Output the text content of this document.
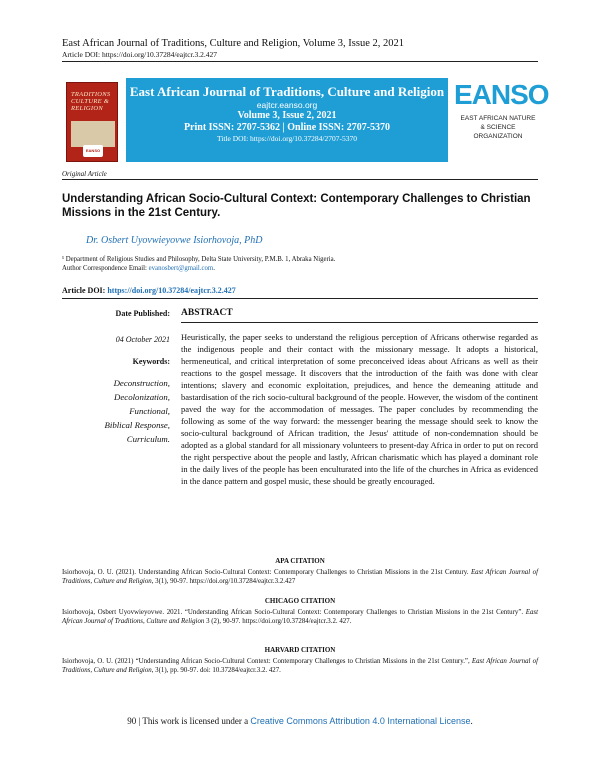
East African Journal of Traditions, Culture and Religion, Volume 3, Issue 2, 2021
Article DOI: https://doi.org/10.37284/eajtcr.3.2.427
TRADITIONS CULTURE & RELIGION
EANSO
East African Journal of Traditions, Culture and Religion
eajtcr.eanso.org
Volume 3, Issue 2, 2021
Print ISSN: 2707-5362 | Online ISSN: 2707-5370
Title DOI: https://doi.org/10.37284/2707-5370
EANSO
EAST AFRICAN NATURE & SCIENCE ORGANIZATION
Original Article
Understanding African Socio-Cultural Context: Contemporary Challenges to Christian Missions in the 21st Century.
Dr. Osbert Uyovwieyovwe Isiorhovoja, PhD
¹ Department of Religious Studies and Philosophy, Delta State University, P.M.B. 1, Abraka Nigeria.
Author Correspondence Email: evanosbert@gmail.com.
Article DOI: https://doi.org/10.37284/eajtcr.3.2.427
Date Published:
04 October 2021
Keywords:
Deconstruction,
Decolonization,
Functional,
Biblical Response,
Curriculum.
ABSTRACT
Heuristically, the paper seeks to understand the religious perception of Africans otherwise regarded as the indigenous people and their contact with the missionary message. It adopts a historical, hermeneutical, and critical interpretation of some preconceived ideas about Africans as well as their reactions to the gospel message. It discovers that the introduction of the faith was done with clear intentions; slavery and economic exploitation, prejudices, and hence the demeaning attitude and bastardisation of the rich socio-cultural background of the people. However, the wisdom of the continent paved the way for the accommodation of messages. The paper concludes by recommending the following as some of the way forward: the messenger bearing the message should seek to know the socio-cultural background of African tradition, the Jesus' attitude of non-condemnation should be adopted as a global standard for all missionary volunteers to present-day Africa in order to put on record the right perspective about the people and lastly, African charismatic which has played a dominant role in the daily lives of the people has been enculturated into the life of the churches in Africa as evidenced in the dance pattern and gospel music, these should be greatly encouraged.
APA CITATION
Isiorhovoja, O. U. (2021). Understanding African Socio-Cultural Context: Contemporary Challenges to Christian Missions in the 21st Century. East African Journal of Traditions, Culture and Religion, 3(1), 90-97. https://doi.org/10.37284/eajtcr.3.2.427
CHICAGO CITATION
Isiorhovoja, Osbert Uyovwieyovwe. 2021. “Understanding African Socio-Cultural Context: Contemporary Challenges to Christian Missions in the 21st Century”. East African Journal of Traditions, Culture and Religion 3 (2), 90-97. https://doi.org/10.37284/eajtcr.3.2. 427.
HARVARD CITATION
Isiorhovoja, O. U. (2021) “Understanding African Socio-Cultural Context: Contemporary Challenges to Christian Missions in the 21st Century.”, East African Journal of Traditions, Culture and Religion, 3(1), pp. 90-97. doi: 10.37284/eajtcr.3.2. 427.
90 | This work is licensed under a Creative Commons Attribution 4.0 International License.
